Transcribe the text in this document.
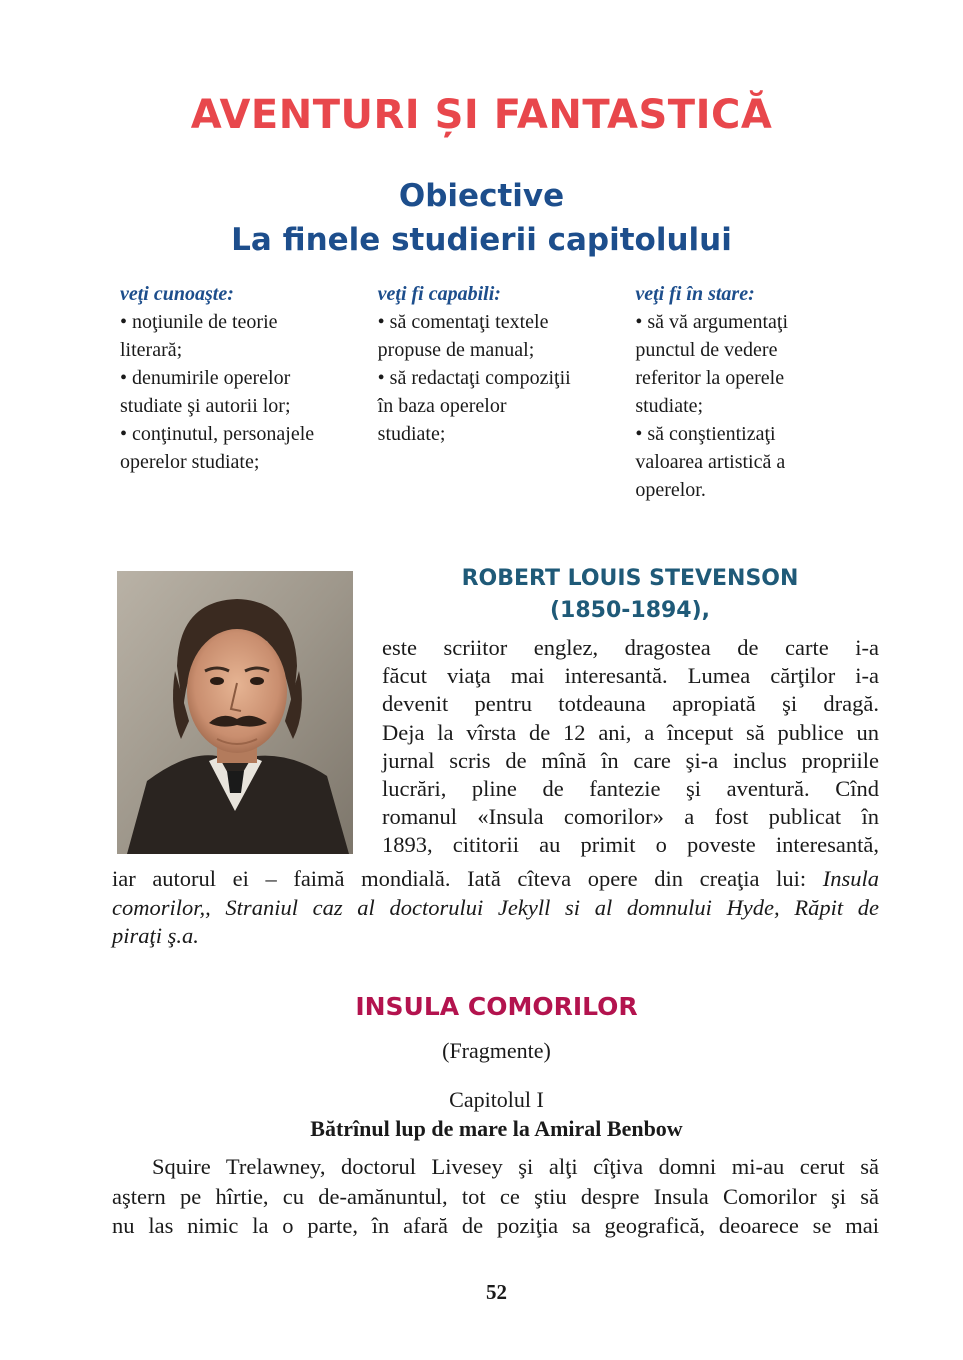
AVENTURI ȘI FANTASTICĂ
Obiective
La finele studierii capitolului
veţi cunoaşte:
• noţiunile de teorie
literară;
• denumirile operelor
studiate şi autorii lor;
• conţinutul, personajele
operelor studiate;
veţi fi capabili:
• să comentaţi textele
propuse de manual;
• să redactaţi compoziţii
în baza operelor
studiate;
veţi fi în stare:
• să vă argumentaţi
punctul de vedere
referitor la operele
studiate;
• să conştientizaţi
valoarea artistică a
operelor.
ROBERT LOUIS STEVENSON
(1850-1894),
este scriitor englez, dragostea de carte i-a
făcut viaţa mai interesantă. Lumea cărţilor i-a
devenit pentru totdeauna apropiată şi dragă.
Deja la vîrsta de 12 ani, a început să publice un
jurnal scris de mînă în care şi-a inclus propriile
lucrări, pline de fantezie şi aventură. Cînd
romanul «Insula comorilor» a fost publicat în
1893, cititorii au primit o poveste interesantă,
iar autorul ei – faimă mondială. Iată cîteva opere din creaţia lui: Insula
comorilor,, Straniul caz al doctorului Jekyll si al domnului Hyde, Răpit de
piraţi ş.a.
INSULA COMORILOR
(Fragmente)
Capitolul I
Bătrînul lup de mare la Amiral Benbow
Squire Trelawney, doctorul Livesey şi alţi cîţiva domni mi-au cerut să
aştern pe hîrtie, cu de-amănuntul, tot ce ştiu despre Insula Comorilor şi să
nu las nimic la o parte, în afară de poziţia sa geografică, deoarece se mai
52
